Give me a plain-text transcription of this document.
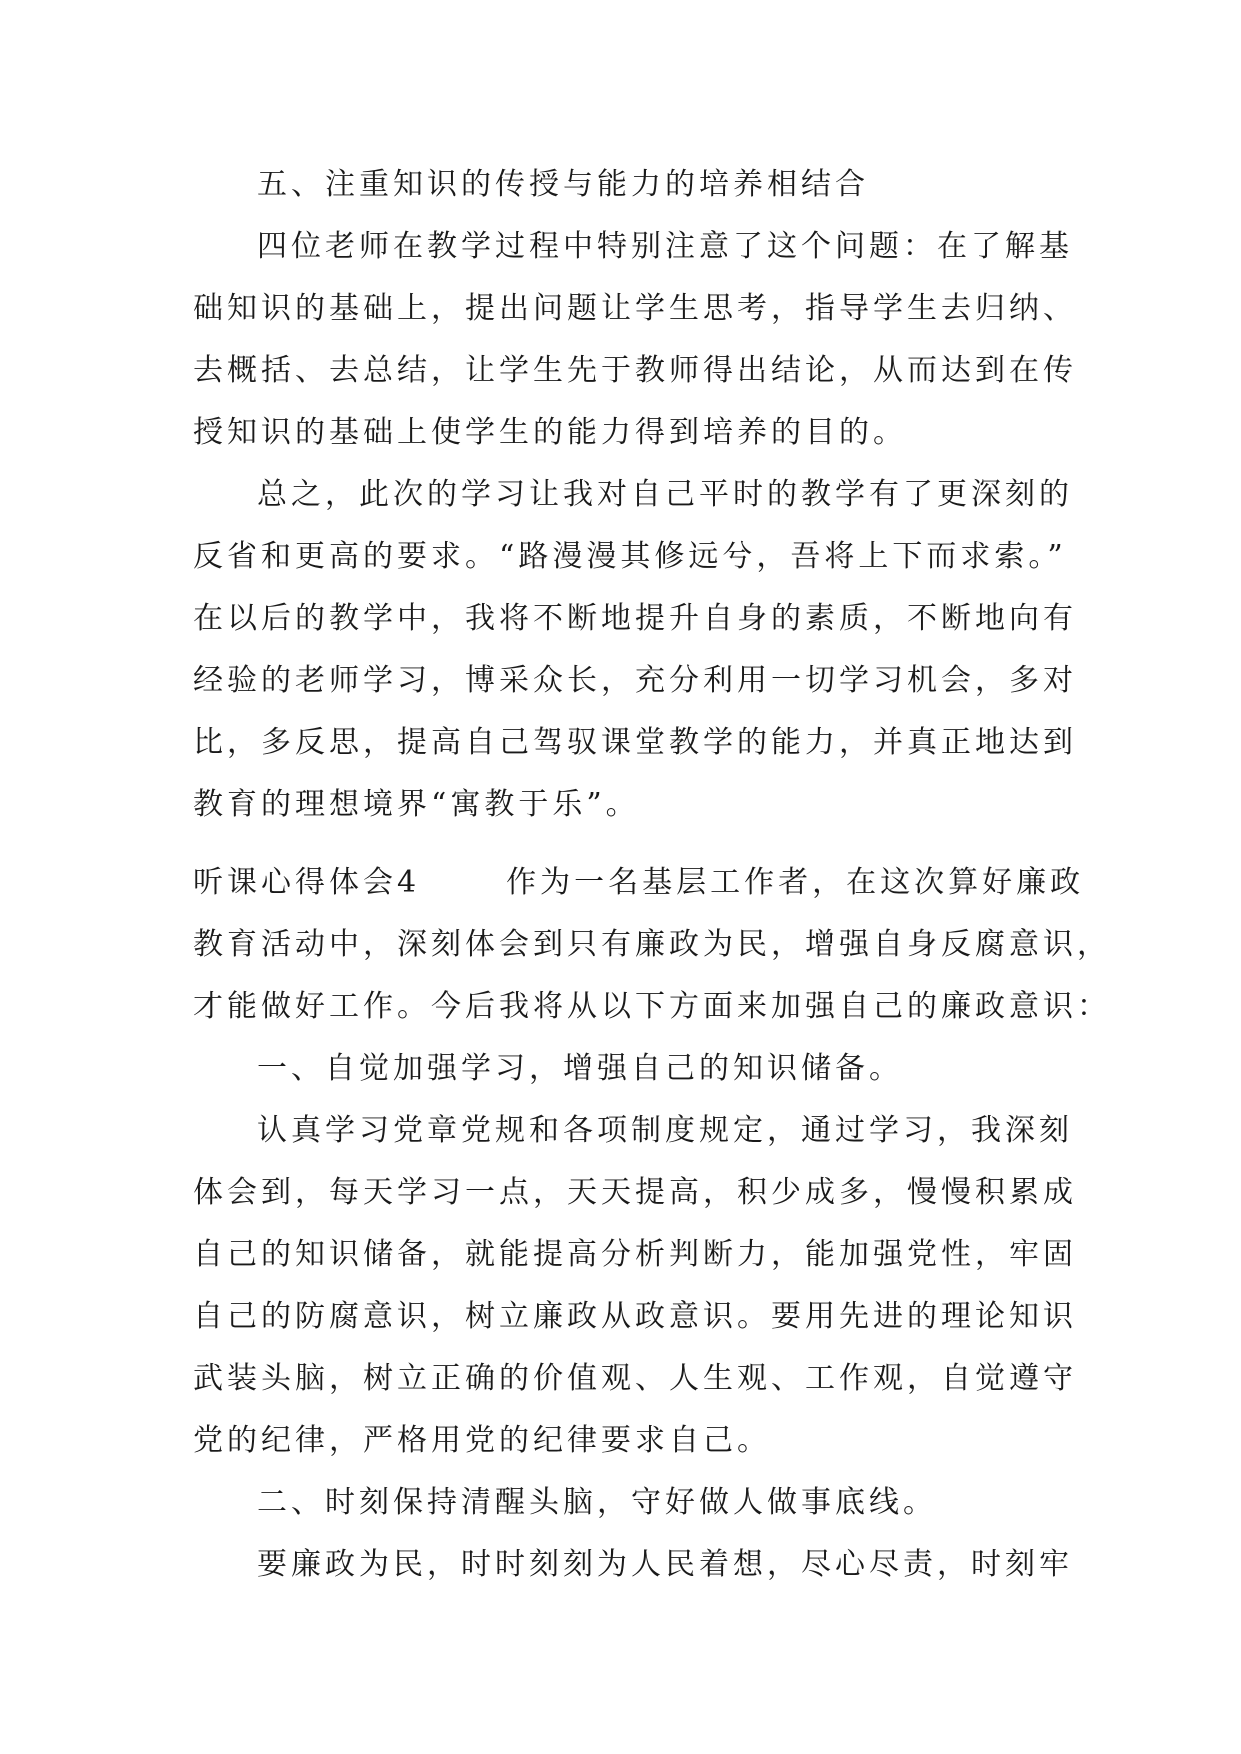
五、注重知识的传授与能力的培养相结合
四位老师在教学过程中特别注意了这个问题：在了解基
础知识的基础上，提出问题让学生思考，指导学生去归纳、
去概括、去总结，让学生先于教师得出结论，从而达到在传
授知识的基础上使学生的能力得到培养的目的。
总之，此次的学习让我对自己平时的教学有了更深刻的
反省和更高的要求。“路漫漫其修远兮，吾将上下而求索。”
在以后的教学中，我将不断地提升自身的素质，不断地向有
经验的老师学习，博采众长，充分利用一切学习机会，多对
比，多反思，提高自己驾驭课堂教学的能力，并真正地达到
教育的理想境界“寓教于乐”。
听课心得体会4	作为一名基层工作者，在这次算好廉政
教育活动中，深刻体会到只有廉政为民，增强自身反腐意识，
才能做好工作。今后我将从以下方面来加强自己的廉政意识：
一、自觉加强学习，增强自己的知识储备。
认真学习党章党规和各项制度规定，通过学习，我深刻
体会到，每天学习一点，天天提高，积少成多，慢慢积累成
自己的知识储备，就能提高分析判断力，能加强党性，牢固
自己的防腐意识，树立廉政从政意识。要用先进的理论知识
武装头脑，树立正确的价值观、人生观、工作观，自觉遵守
党的纪律，严格用党的纪律要求自己。
二、时刻保持清醒头脑，守好做人做事底线。
要廉政为民，时时刻刻为人民着想，尽心尽责，时刻牢
